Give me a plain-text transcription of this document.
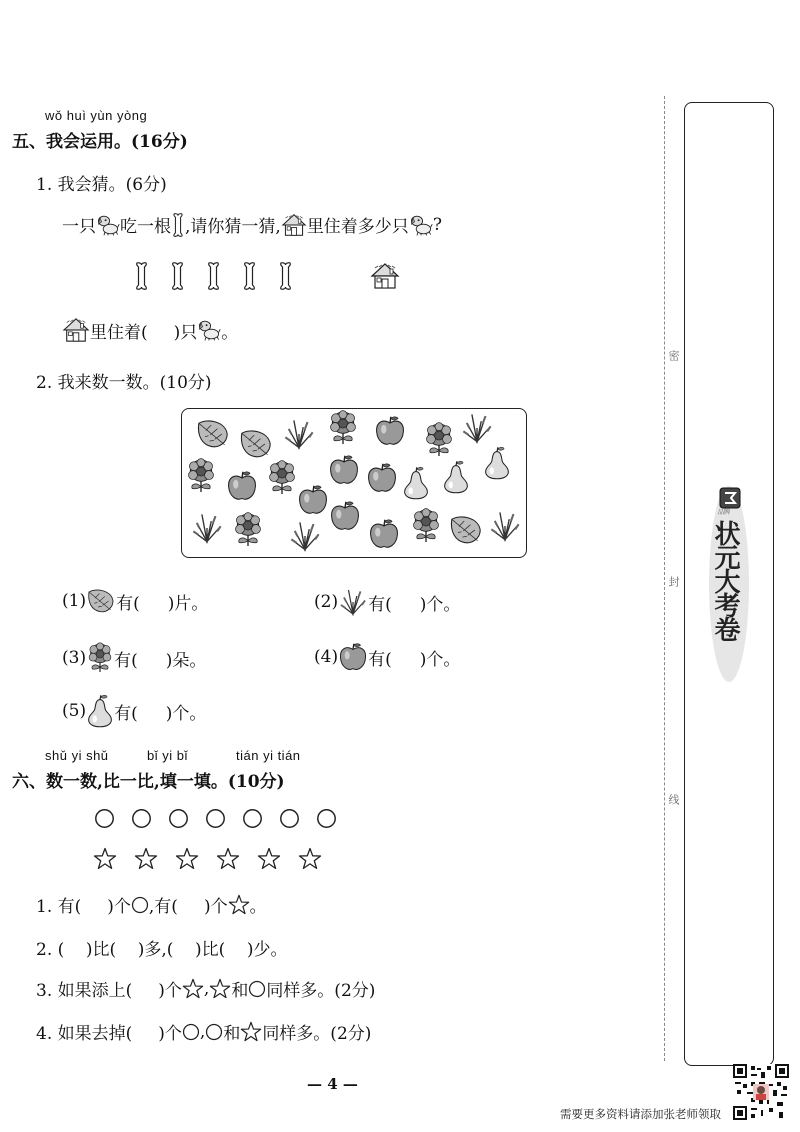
wǒ huì yùn yòng
五、我会运用。(16分)
1. 我会猜。(6分)
一只 吃一根 ,请你猜一猜, 里住着多少只 ?
里住着( )只 。
2. 我来数一数。(10分)
(1) 有( )片。	(2) 有( )个。
(3) 有( )朵。	(4) 有( )个。
(5) 有( )个。
shǔ yi shǔ	bǐ yi bǐ	tián yi tián
六、数一数,比一比,填一填。(10分)
1. 有( )个 ,有( )个 。
2. (    )比(    )多,(    )比(    )少。
3. 如果添上( )个 , 和 同样多。(2分)
4. 如果去掉( )个 , 和 同样多。(2分)
密
封
线
品牌
状元大考卷
— 4 —
需要更多资料请添加张老师领取
